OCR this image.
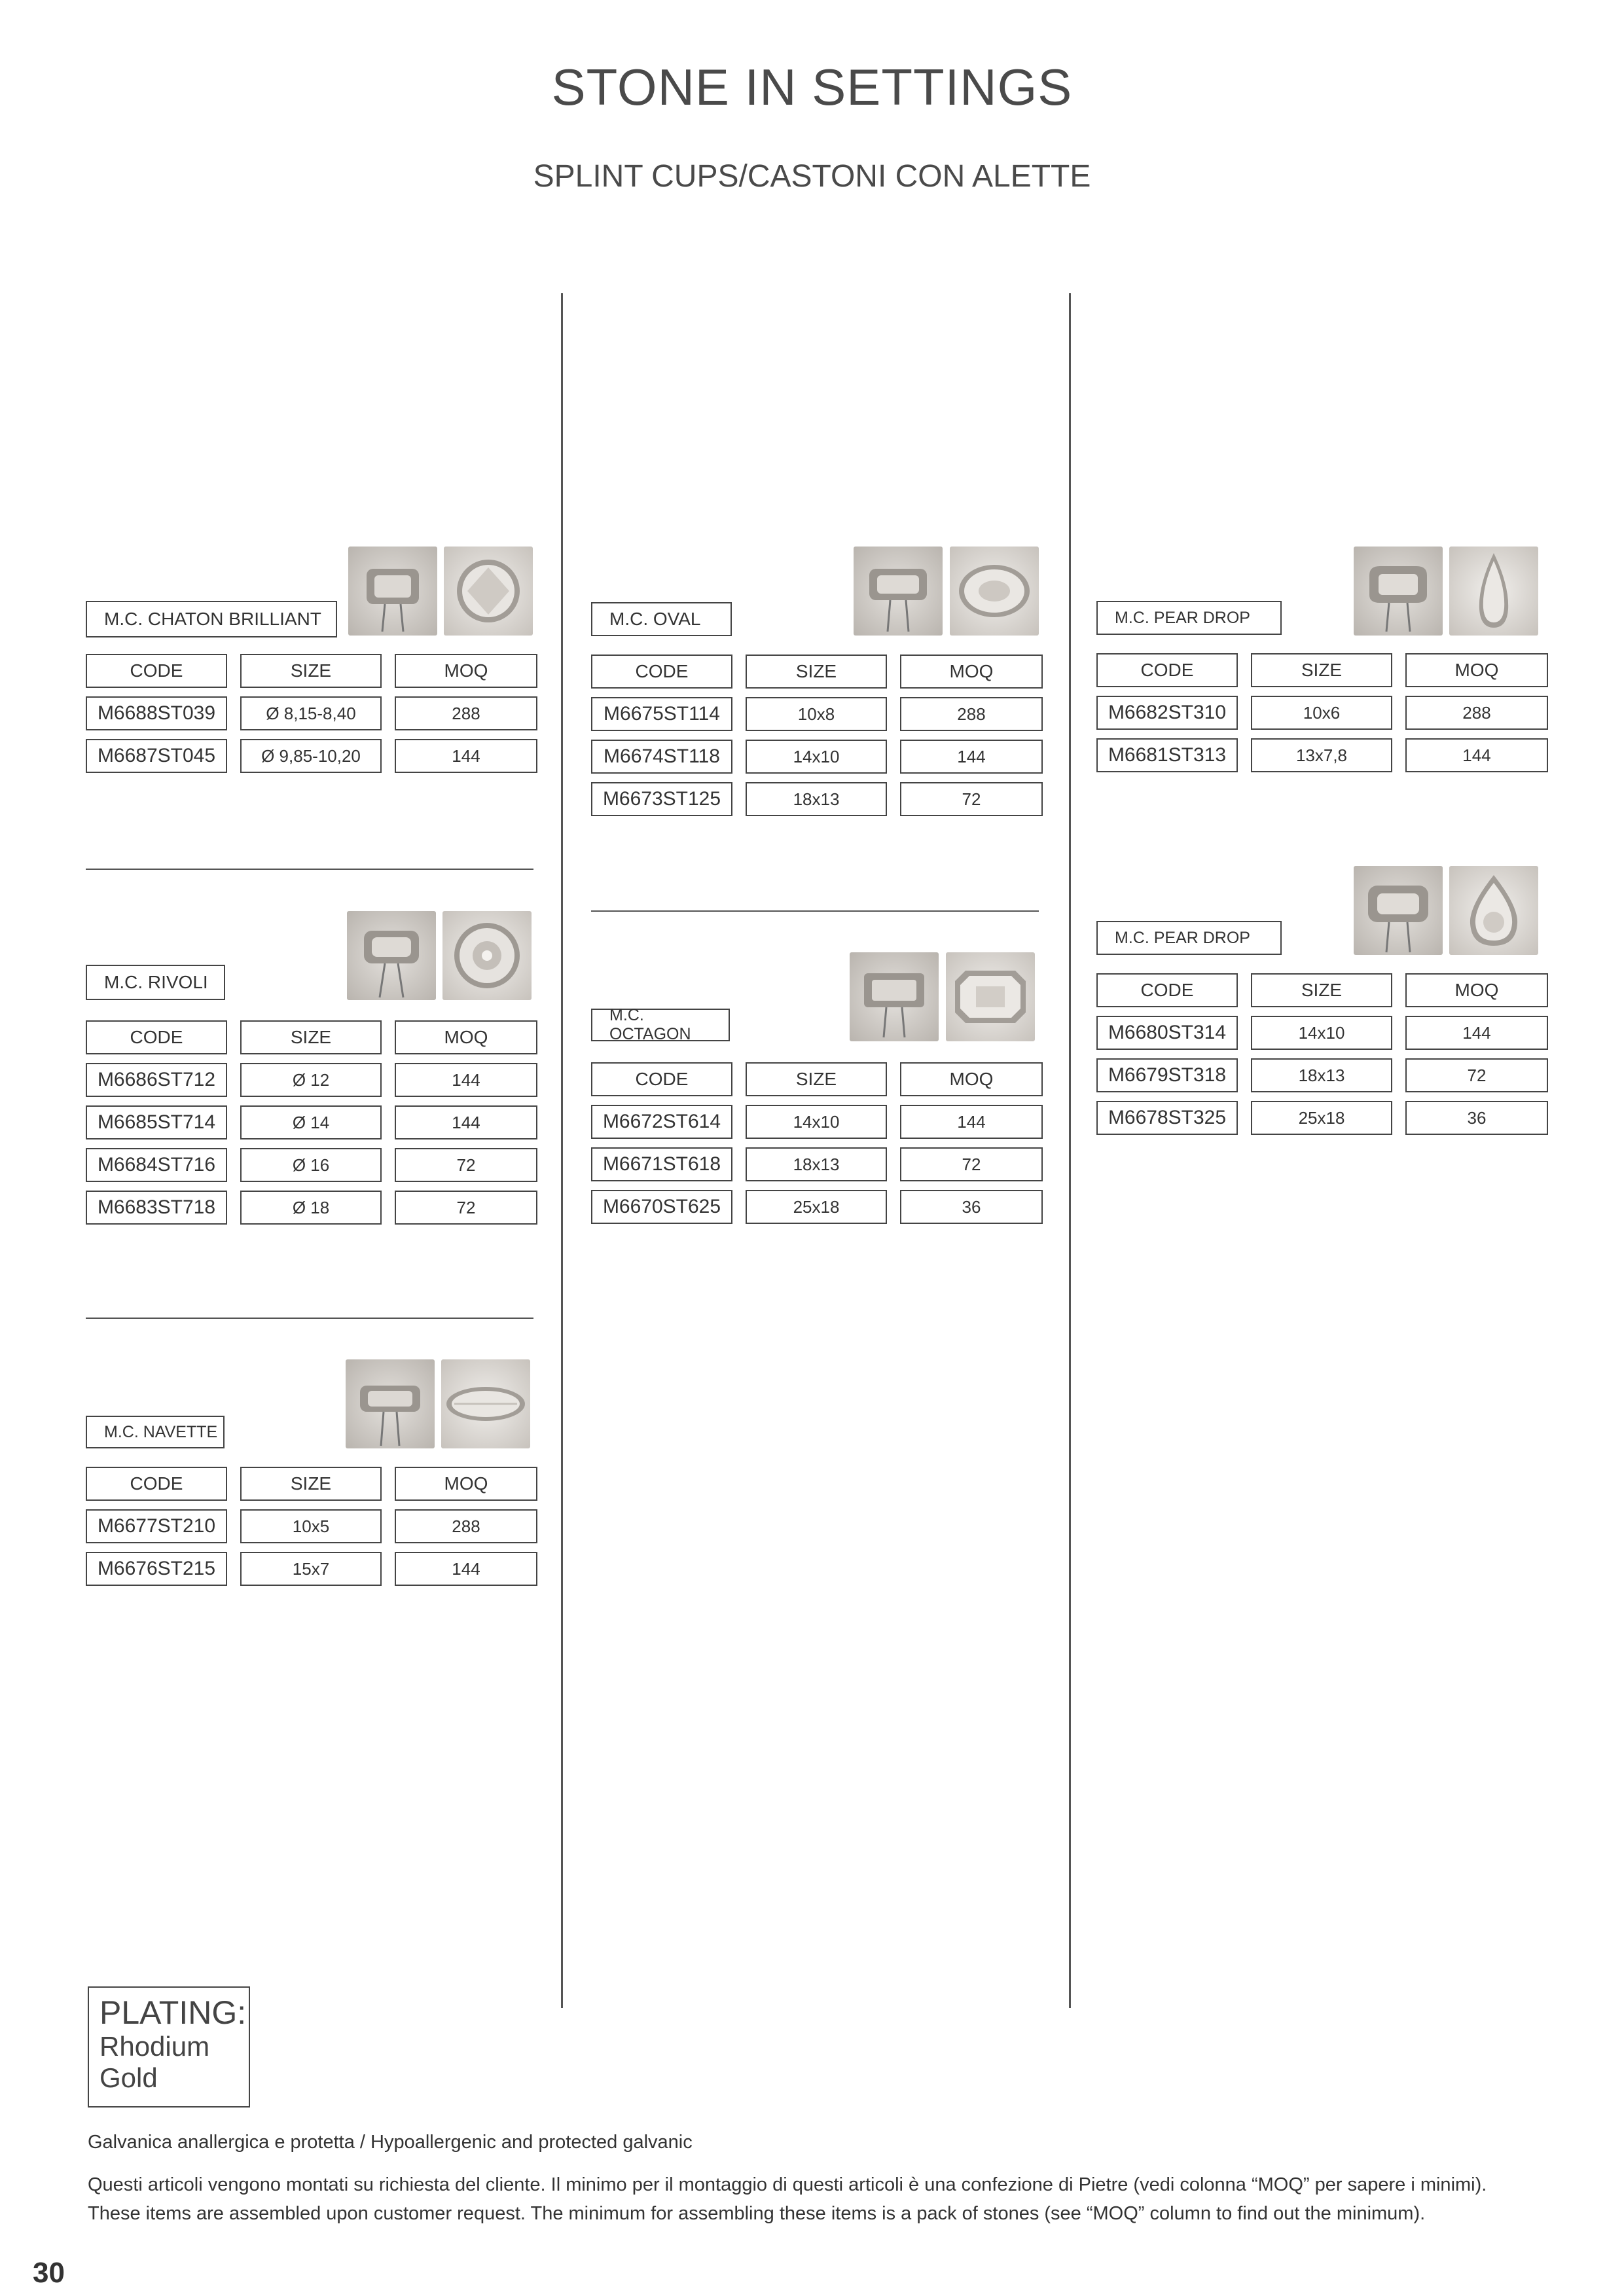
STONE IN SETTINGS
SPLINT CUPS/CASTONI CON ALETTE
M.C. CHATON BRILLIANT
CODE	SIZE	MOQ
M6688ST039	Ø 8,15-8,40	288
M6687ST045	Ø 9,85-10,20	144
M.C. RIVOLI
CODE	SIZE	MOQ
M6686ST712	Ø 12	144
M6685ST714	Ø 14	144
M6684ST716	Ø 16	72
M6683ST718	Ø 18	72
M.C. NAVETTE
CODE	SIZE	MOQ
M6677ST210	10x5	288
M6676ST215	15x7	144
M.C. OVAL
CODE	SIZE	MOQ
M6675ST114	10x8	288
M6674ST118	14x10	144
M6673ST125	18x13	72
M.C. OCTAGON
CODE	SIZE	MOQ
M6672ST614	14x10	144
M6671ST618	18x13	72
M6670ST625	25x18	36
M.C. PEAR DROP
CODE	SIZE	MOQ
M6682ST310	10x6	288
M6681ST313	13x7,8	144
M.C. PEAR DROP
CODE	SIZE	MOQ
M6680ST314	14x10	144
M6679ST318	18x13	72
M6678ST325	25x18	36
PLATING:
Rhodium
Gold
Galvanica anallergica e protetta / Hypoallergenic and protected galvanic
Questi articoli vengono montati su richiesta del cliente. Il minimo per il montaggio di questi articoli è una confezione di Pietre (vedi colonna “MOQ” per sapere i minimi).
These items are assembled upon customer request. The minimum for assembling these items is a pack of stones (see “MOQ” column to find out the minimum).
30
